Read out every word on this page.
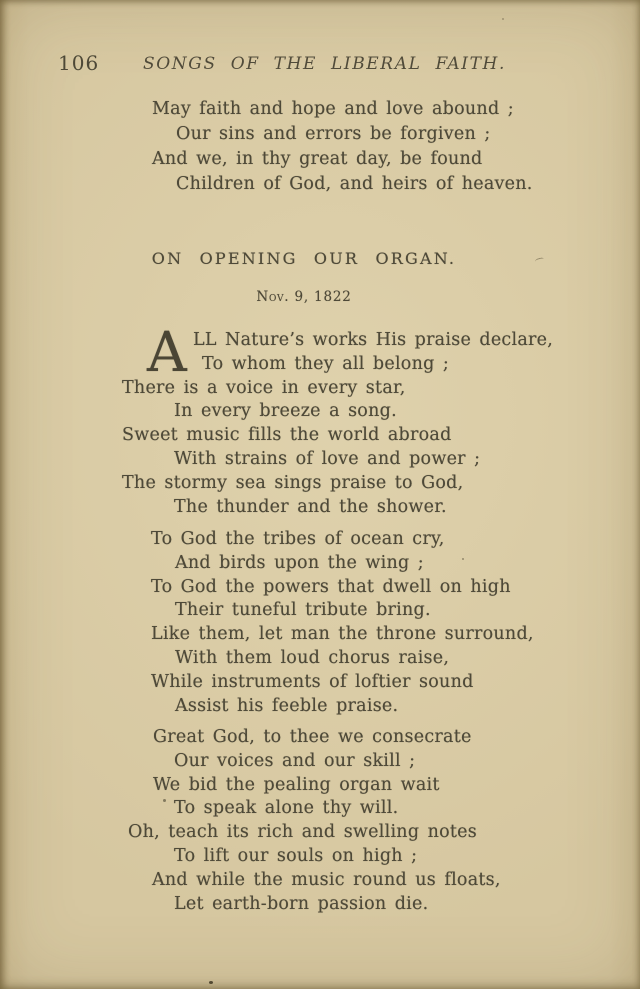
106	SONGS OF THE LIBERAL FAITH.
May faith and hope and love abound ;
Our sins and errors be forgiven ;
And we, in thy great day, be found
Children of God, and heirs of heaven.
ON OPENING OUR ORGAN.
Nov. 9, 1822
A LL Nature’s works His praise declare,
To whom they all belong ;
There is a voice in every star,
In every breeze a song.
Sweet music fills the world abroad
With strains of love and power ;
The stormy sea sings praise to God,
The thunder and the shower.
To God the tribes of ocean cry,
And birds upon the wing ;
To God the powers that dwell on high
Their tuneful tribute bring.
Like them, let man the throne surround,
With them loud chorus raise,
While instruments of loftier sound
Assist his feeble praise.
Great God, to thee we consecrate
Our voices and our skill ;
We bid the pealing organ wait
To speak alone thy will.
Oh, teach its rich and swelling notes
To lift our souls on high ;
And while the music round us floats,
Let earth-born passion die.
